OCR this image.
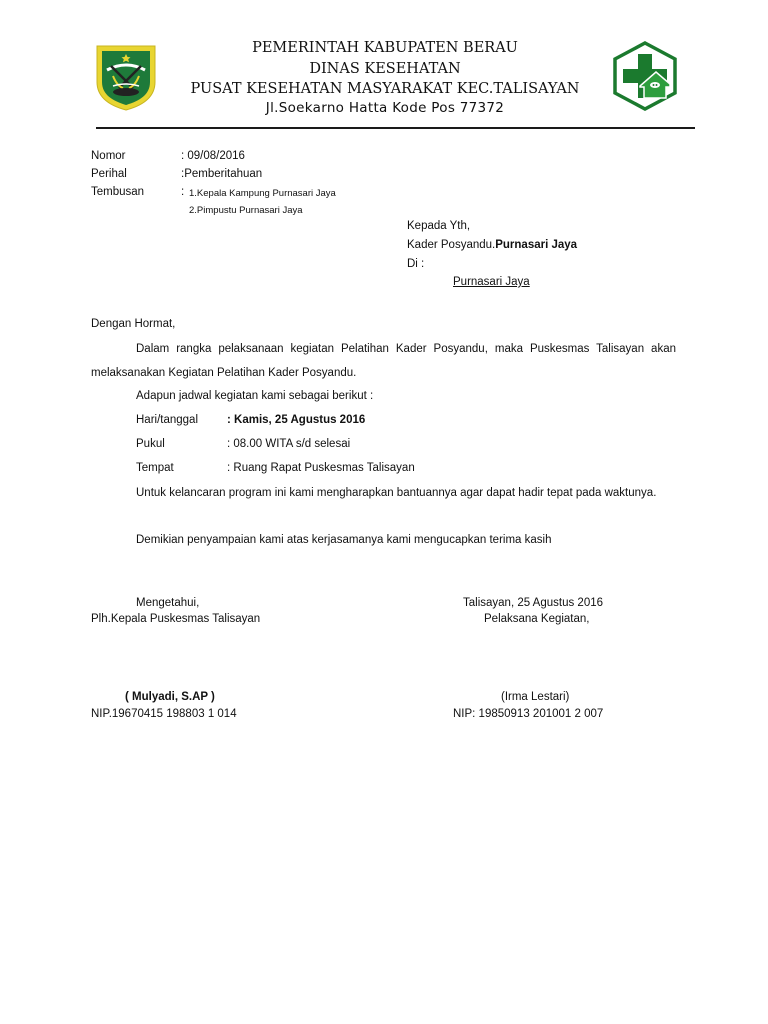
PEMERINTAH KABUPATEN BERAU
DINAS KESEHATAN
PUSAT KESEHATAN MASYARAKAT KEC.TALISAYAN
Jl.Soekarno Hatta Kode Pos 77372
Nomor	: 09/08/2016
Perihal	:Pemberitahuan
Tembusan	: 1.Kepala Kampung Purnasari Jaya
2.Pimpustu Purnasari Jaya
Kepada Yth,
Kader Posyandu.Purnasari Jaya
Di :
Purnasari Jaya
Dengan Hormat,
Dalam rangka pelaksanaan kegiatan Pelatihan Kader Posyandu, maka Puskesmas Talisayan akan melaksanakan Kegiatan Pelatihan Kader Posyandu.
Adapun jadwal kegiatan kami sebagai berikut :
Hari/tanggal	: Kamis, 25 Agustus 2016
Pukul	: 08.00 WITA s/d selesai
Tempat	: Ruang Rapat Puskesmas Talisayan
Untuk kelancaran program ini kami mengharapkan bantuannya agar dapat hadir tepat pada waktunya.
Demikian penyampaian kami atas kerjasamanya kami mengucapkan terima kasih
Mengetahui,
Plh.Kepala Puskesmas Talisayan
( Mulyadi, S.AP )
NIP.19670415 198803 1 014
Talisayan, 25 Agustus 2016
Pelaksana Kegiatan,
(Irma Lestari)
NIP: 19850913 201001 2 007
